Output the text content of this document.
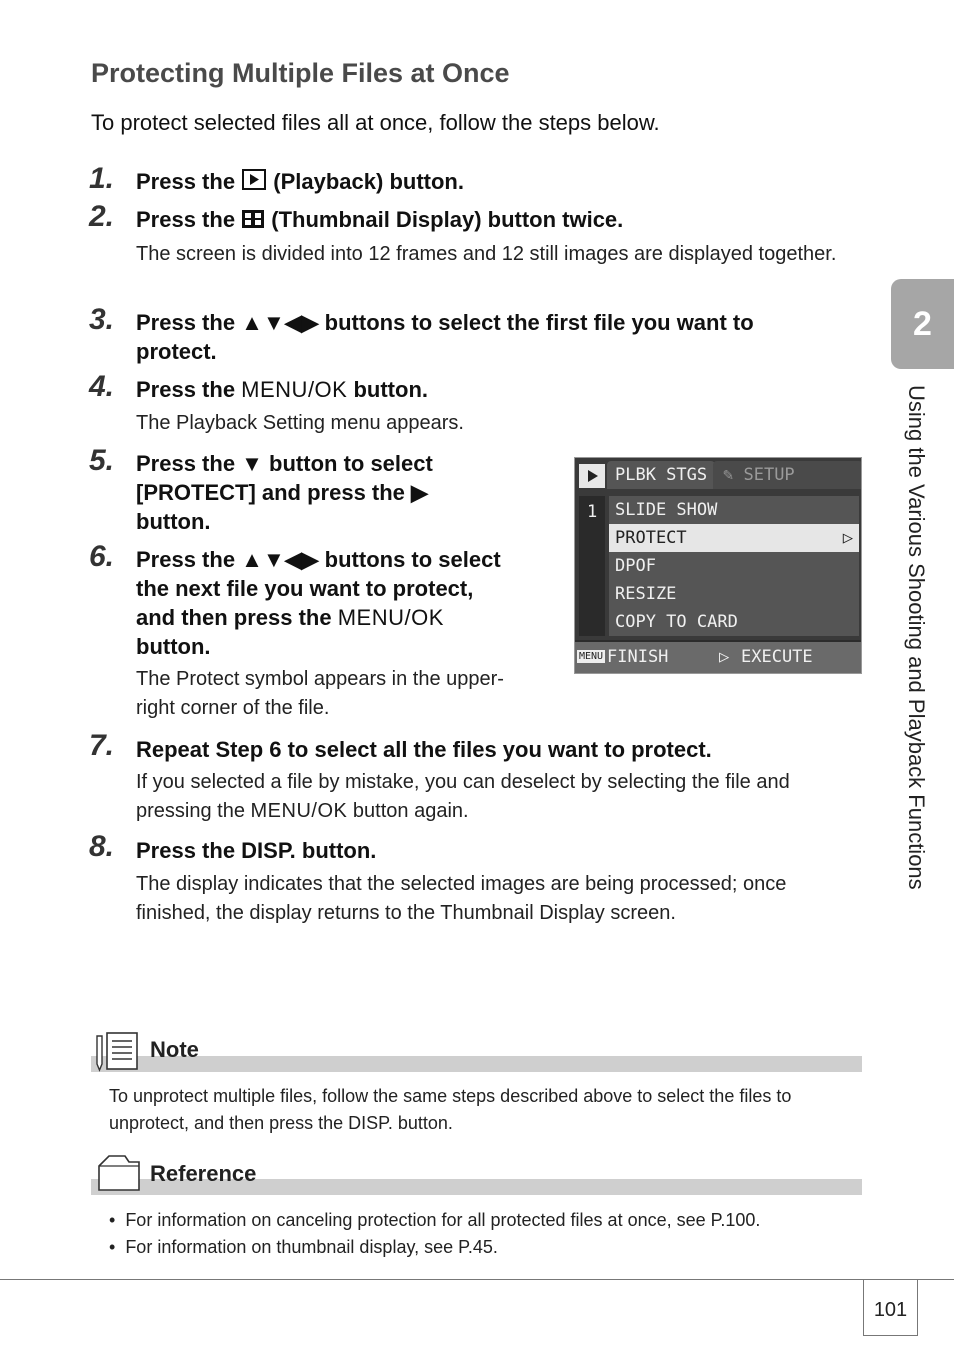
Protecting Multiple Files at Once
To protect selected files all at once, follow the steps below.
1. Press the  (Playback) button.
2. Press the  (Thumbnail Display) button twice.
The screen is divided into 12 frames and 12 still images are displayed together.
3. Press the ▲▼◀▶ buttons to select the first file you want to
protect.
4. Press the MENU/OK button.
The Playback Setting menu appears.
5. Press the ▼ button to select
[PROTECT] and press the ▶
button.
6. Press the ▲▼◀▶ buttons to select
the next file you want to protect,
and then press the MENU/OK
button.
The Protect symbol appears in the upper-
right corner of the file.
PLBK STGS ✎ SETUP
1	SLIDE SHOW
PROTECT	▷
DPOF
RESIZE
COPY TO CARD
MENU FINISH	▷ EXECUTE
7. Repeat Step 6 to select all the files you want to protect.
If you selected a file by mistake, you can deselect by selecting the file and
pressing the MENU/OK button again.
8. Press the DISP. button.
The display indicates that the selected images are being processed; once
finished, the display returns to the Thumbnail Display screen.
2
Using the Various Shooting and Playback Functions
Note
To unprotect multiple files, follow the same steps described above to select the files to
unprotect, and then press the DISP. button.
Reference
•  For information on canceling protection for all protected files at once, see P.100.
•  For information on thumbnail display, see P.45.
101
